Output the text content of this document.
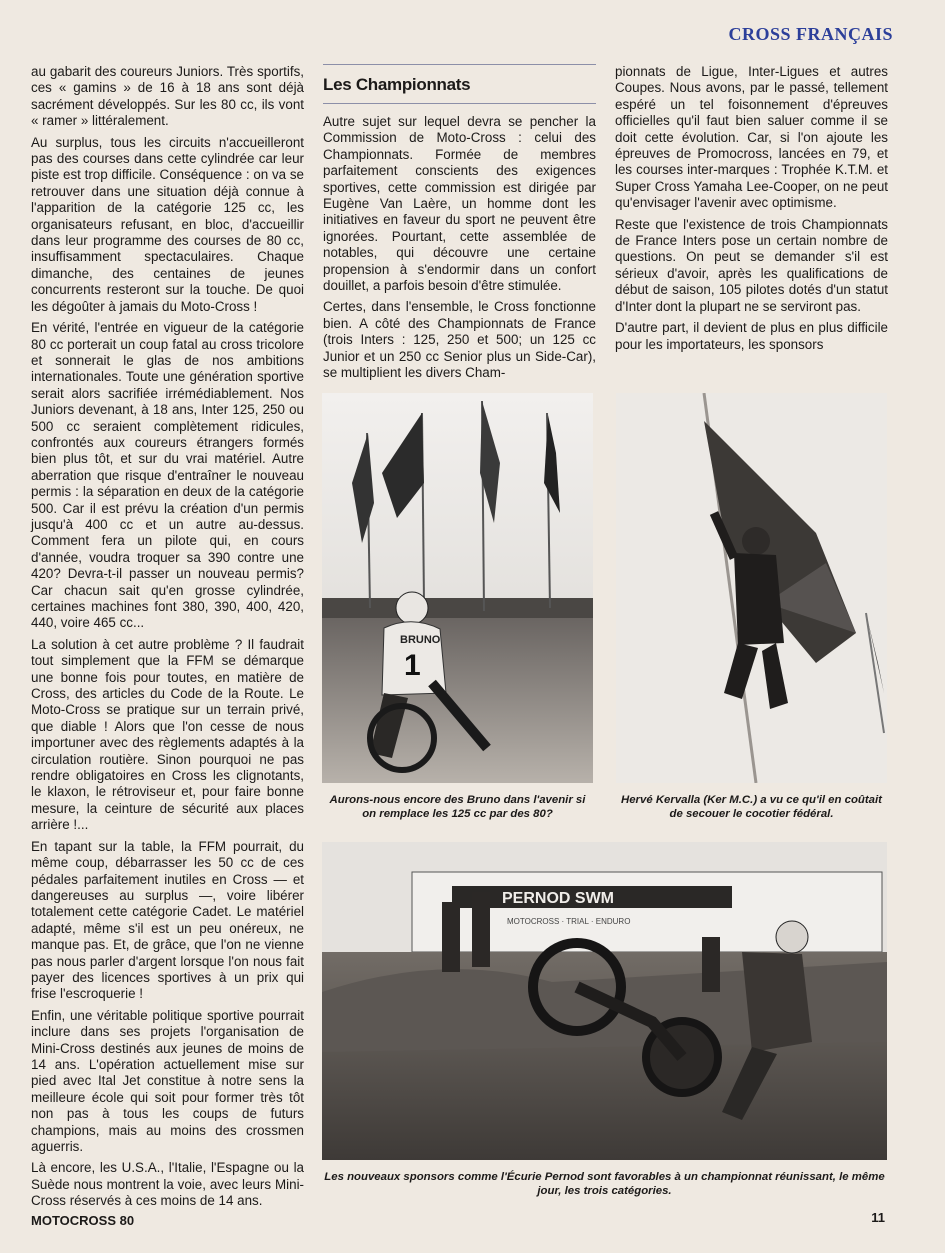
CROSS FRANÇAIS

au gabarit des coureurs Juniors. Très sportifs, ces « gamins » de 16 à 18 ans sont déjà sacrément développés. Sur les 80 cc, ils vont « ramer » littéralement.

Au surplus, tous les circuits n'accueilleront pas des courses dans cette cylindrée car leur piste est trop difficile. Conséquence : on va se retrouver dans une situation déjà connue à l'apparition de la catégorie 125 cc, les organisateurs refusant, en bloc, d'accueillir dans leur programme des courses de 80 cc, insuffisamment spectaculaires. Chaque dimanche, des centaines de jeunes concurrents resteront sur la touche. De quoi les dégoûter à jamais du Moto-Cross !

En vérité, l'entrée en vigueur de la catégorie 80 cc porterait un coup fatal au cross tricolore et sonnerait le glas de nos ambitions internationales. Toute une génération sportive serait alors sacrifiée irrémédiablement. Nos Juniors devenant, à 18 ans, Inter 125, 250 ou 500 cc seraient complètement ridicules, confrontés aux coureurs étrangers formés bien plus tôt, et sur du vrai matériel. Autre aberration que risque d'entraîner le nouveau permis : la séparation en deux de la catégorie 500. Car il est prévu la création d'un permis jusqu'à 400 cc et un autre au-dessus. Comment fera un pilote qui, en cours d'année, voudra troquer sa 390 contre une 420? Devra-t-il passer un nouveau permis? Car chacun sait qu'en grosse cylindrée, certaines machines font 380, 390, 400, 420, 440, voire 465 cc...

La solution à cet autre problème ? Il faudrait tout simplement que la FFM se démarque une bonne fois pour toutes, en matière de Cross, des articles du Code de la Route. Le Moto-Cross se pratique sur un terrain privé, que diable ! Alors que l'on cesse de nous importuner avec des règlements adaptés à la circulation routière. Sinon pourquoi ne pas rendre obligatoires en Cross les clignotants, le klaxon, le rétroviseur et, pour faire bonne mesure, la ceinture de sécurité aux places arrière !...

En tapant sur la table, la FFM pourrait, du même coup, débarrasser les 50 cc de ces pédales parfaitement inutiles en Cross — et dangereuses au surplus —, voire libérer totalement cette catégorie Cadet. Le matériel adapté, même s'il est un peu onéreux, ne manque pas. Et, de grâce, que l'on ne vienne pas nous parler d'argent lorsque l'on nous fait payer des licences sportives à un prix qui frise l'escroquerie !

Enfin, une véritable politique sportive pourrait inclure dans ses projets l'organisation de Mini-Cross destinés aux jeunes de moins de 14 ans. L'opération actuellement mise sur pied avec Ital Jet constitue à notre sens la meilleure école qui soit pour former très tôt non pas à tous les coups de futurs champions, mais au moins des crossmen aguerris.

Là encore, les U.S.A., l'Italie, l'Espagne ou la Suède nous montrent la voie, avec leurs Mini-Cross réservés à ces moins de 14 ans.

Les Championnats

Autre sujet sur lequel devra se pencher la Commission de Moto-Cross : celui des Championnats. Formée de membres parfaitement conscients des exigences sportives, cette commission est dirigée par Eugène Van Laère, un homme dont les initiatives en faveur du sport ne peuvent être ignorées. Pourtant, cette assemblée de notables, qui découvre une certaine propension à s'endormir dans un confort douillet, a parfois besoin d'être stimulée.

Certes, dans l'ensemble, le Cross fonctionne bien. A côté des Championnats de France (trois Inters : 125, 250 et 500; un 125 cc Junior et un 250 cc Senior plus un Side-Car), se multiplient les divers Cham-

pionnats de Ligue, Inter-Ligues et autres Coupes. Nous avons, par le passé, tellement espéré un tel foisonnement d'épreuves officielles qu'il faut bien saluer comme il se doit cette évolution. Car, si l'on ajoute les épreuves de Promocross, lancées en 79, et les courses inter-marques : Trophée K.T.M. et Super Cross Yamaha Lee-Cooper, on ne peut qu'envisager l'avenir avec optimisme.

Reste que l'existence de trois Championnats de France Inters pose un certain nombre de questions. On peut se demander s'il est sérieux d'avoir, après les qualifications de début de saison, 105 pilotes dotés d'un statut d'Inter dont la plupart ne se serviront pas.

D'autre part, il devient de plus en plus difficile pour les importateurs, les sponsors

BRUNO
1
PERNOD SWM
MOTOCROSS · TRIAL · ENDURO
Aurons-nous encore des Bruno dans l'avenir si on remplace les 125 cc par des 80?
Hervé Kervalla (Ker M.C.) a vu ce qu'il en coûtait de secouer le cocotier fédéral.
Les nouveaux sponsors comme l'Écurie Pernod sont favorables à un championnat réunissant, le même jour, les trois catégories.
MOTOCROSS 80	11
